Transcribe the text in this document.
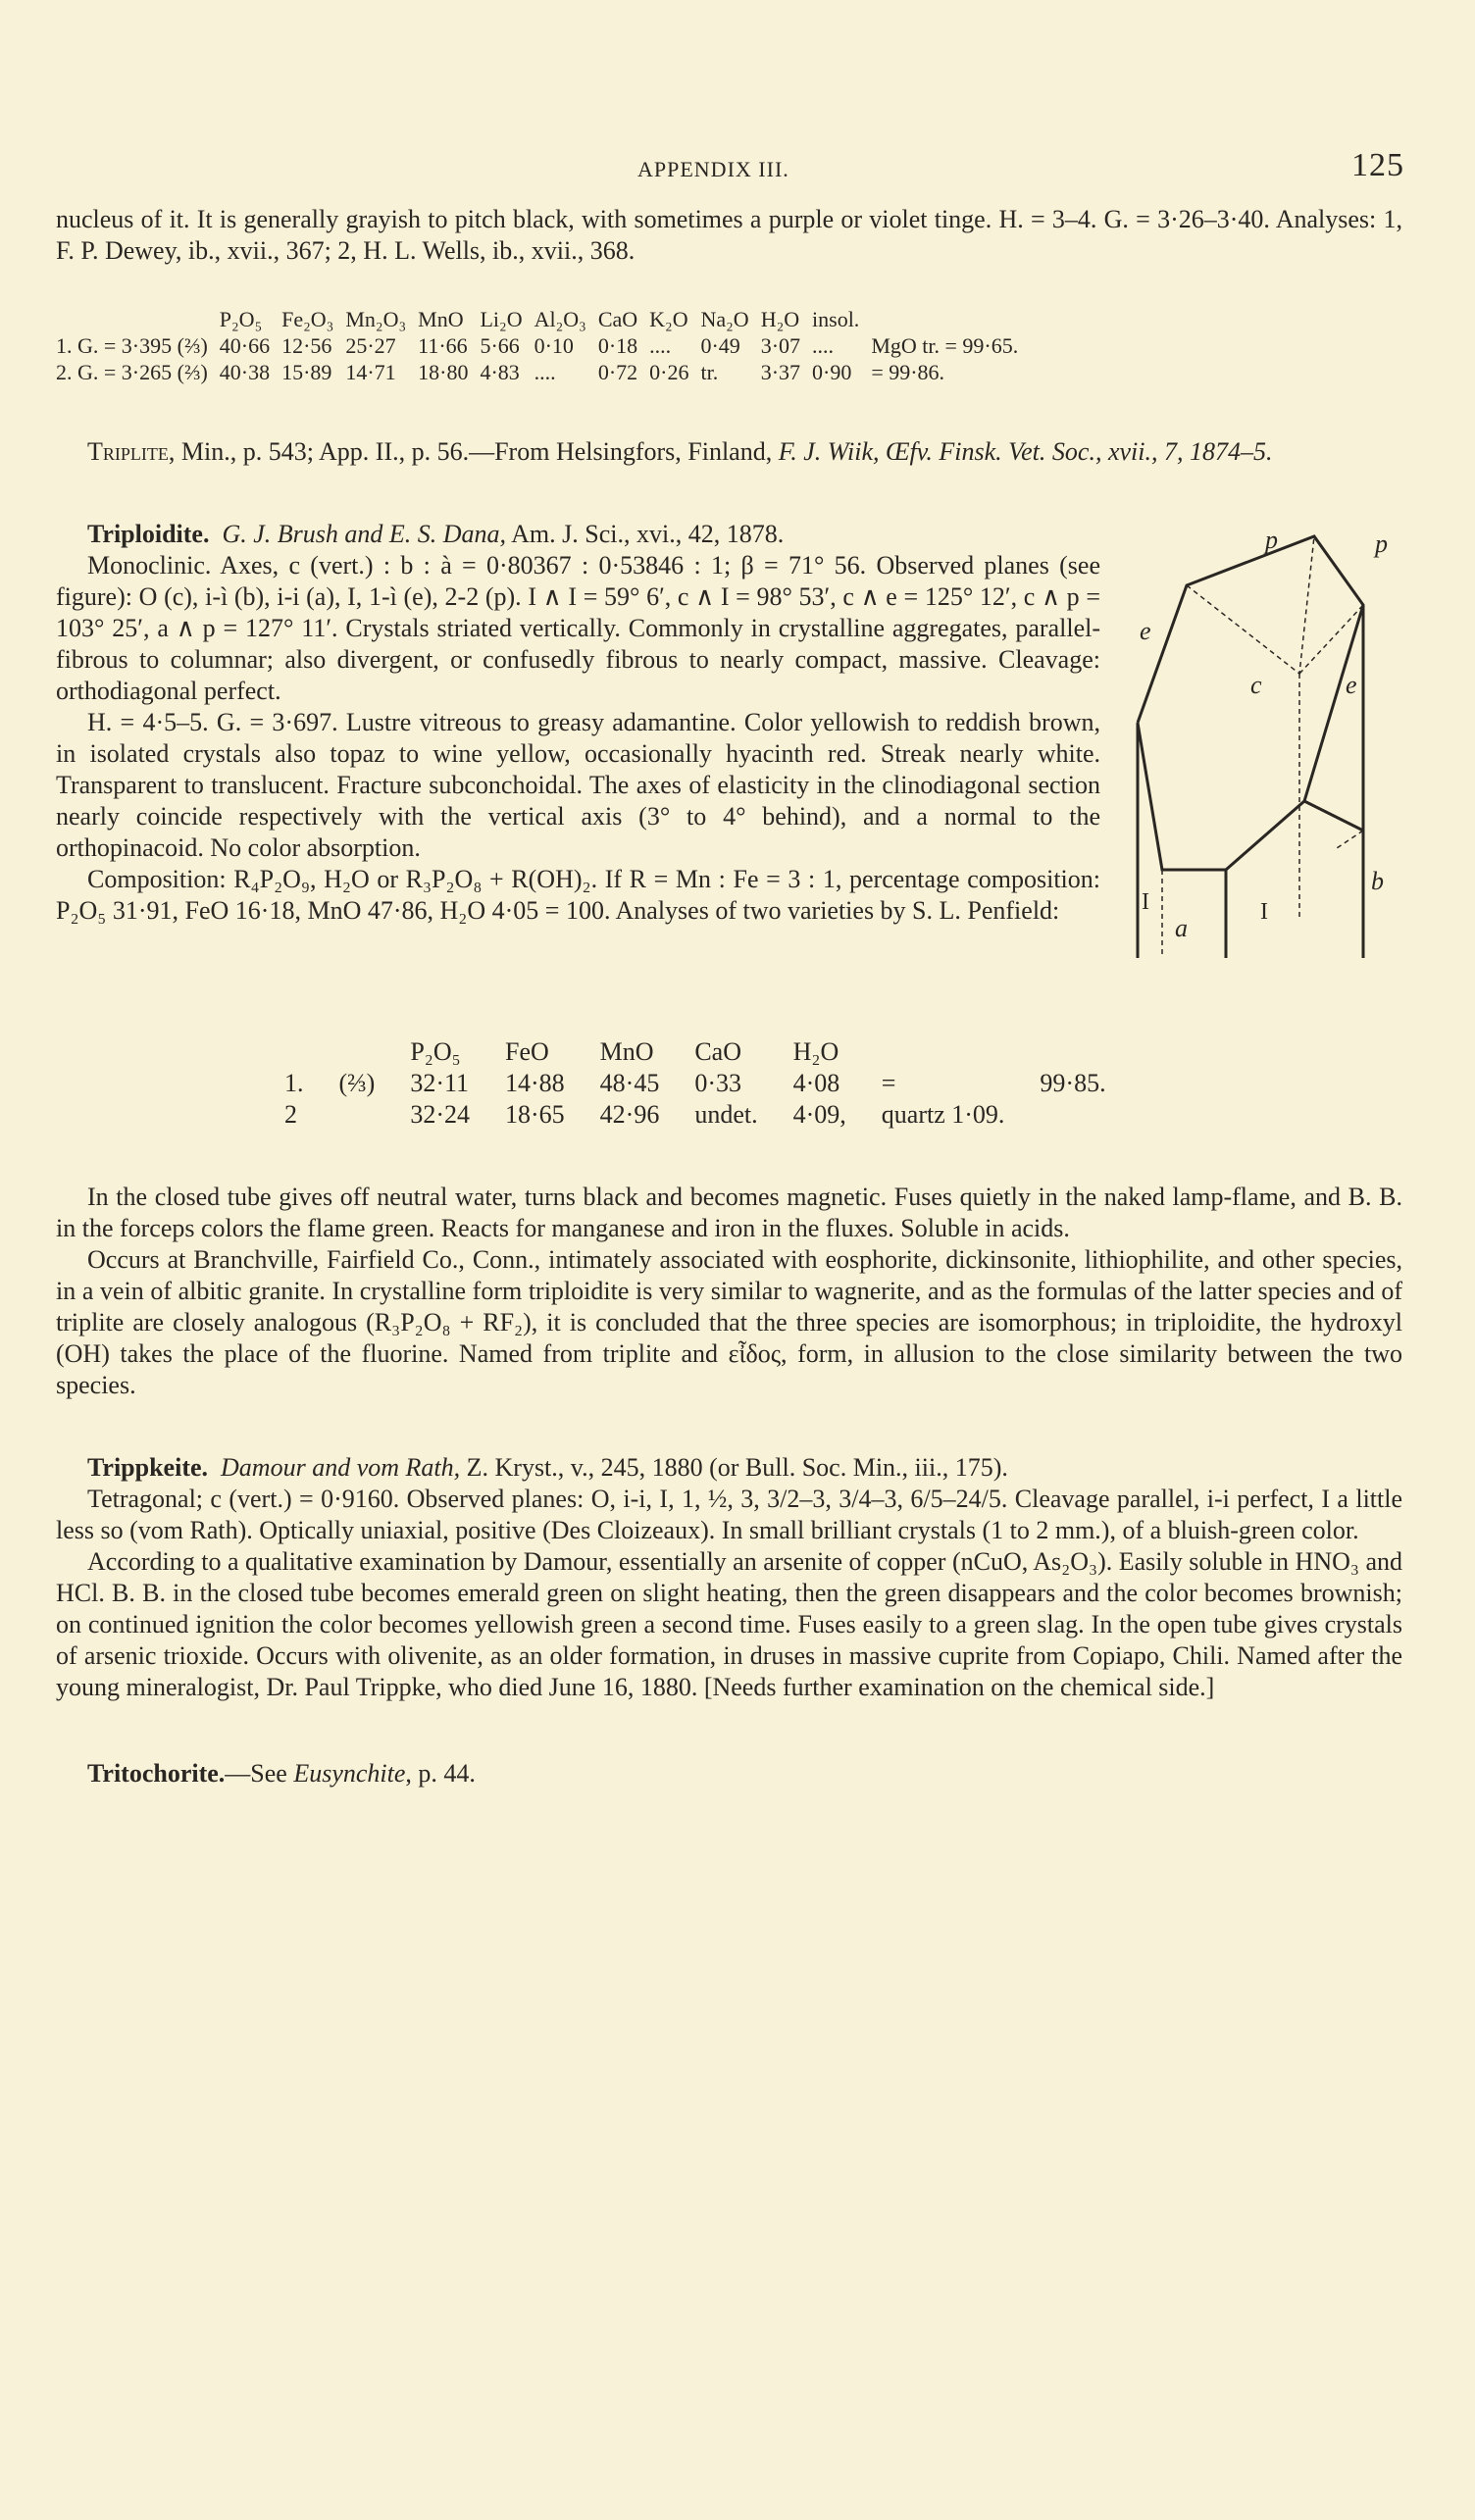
APPENDIX III.	125

nucleus of it. It is generally grayish to pitch black, with sometimes a purple or violet tinge. H. = 3–4. G. = 3·26–3·40. Analyses: 1, F. P. Dewey, ib., xvii., 367; 2, H. L. Wells, ib., xvii., 368.

	P₂O₅	Fe₂O₃	Mn₂O₃	MnO	Li₂O	Al₂O₃	CaO	K₂O	Na₂O	H₂O	insol.	
1. G. = 3·395 (⅔)	40·66	12·56	25·27	11·66	5·66	0·10	0·18	....	0·49	3·07	....	MgO tr. = 99·65.
2. G. = 3·265 (⅔)	40·38	15·89	14·71	18·80	4·83	....	0·72	0·26	tr.	3·37	0·90	= 99·86.

Triplite, Min., p. 543; App. II., p. 56.—From Helsingfors, Finland, F. J. Wiik, Œfv. Finsk. Vet. Soc., xvii., 7, 1874–5.

p	p
e
e
c
a
b
I	I

Triploidite. G. J. Brush and E. S. Dana, Am. J. Sci., xvi., 42, 1878.

Monoclinic. Axes, c (vert.) : b : à = 0·80367 : 0·53846 : 1; β = 71° 56. Observed planes (see figure): O (c), i-ì (b), i-i (a), I, 1-ì (e), 2-2 (p). I ∧ I = 59° 6′, c ∧ I = 98° 53′, c ∧ e = 125° 12′, c ∧ p = 103° 25′, a ∧ p = 127° 11′. Crystals striated vertically. Commonly in crystalline aggregates, parallel-fibrous to columnar; also divergent, or confusedly fibrous to nearly compact, massive. Cleavage: orthodiagonal perfect.

H. = 4·5–5. G. = 3·697. Lustre vitreous to greasy adamantine. Color yellowish to reddish brown, in isolated crystals also topaz to wine yellow, occasionally hyacinth red. Streak nearly white. Transparent to translucent. Fracture subconchoidal. The axes of elasticity in the clinodiagonal section nearly coincide respectively with the vertical axis (3° to 4° behind), and a normal to the orthopinacoid. No color absorption.

Composition: R₄P₂O₉, H₂O or R₃P₂O₈ + R(OH)₂. If R = Mn : Fe = 3 : 1, percentage composition: P₂O₅ 31·91, FeO 16·18, MnO 47·86, H₂O 4·05 = 100. Analyses of two varieties by S. L. Penfield:

		P₂O₅	FeO	MnO	CaO	H₂O		
1.	(⅔)	32·11	14·88	48·45	0·33	4·08	=	99·85.
2		32·24	18·65	42·96	undet.	4·09,	quartz 1·09.	

In the closed tube gives off neutral water, turns black and becomes magnetic. Fuses quietly in the naked lamp-flame, and B. B. in the forceps colors the flame green. Reacts for manganese and iron in the fluxes. Soluble in acids.

Occurs at Branchville, Fairfield Co., Conn., intimately associated with eosphorite, dickinsonite, lithiophilite, and other species, in a vein of albitic granite. In crystalline form triploidite is very similar to wagnerite, and as the formulas of the latter species and of triplite are closely analogous (R₃P₂O₈ + RF₂), it is concluded that the three species are isomorphous; in triploidite, the hydroxyl (OH) takes the place of the fluorine. Named from triplite and εἶδος, form, in allusion to the close similarity between the two species.

Trippkeite. Damour and vom Rath, Z. Kryst., v., 245, 1880 (or Bull. Soc. Min., iii., 175).

Tetragonal; c (vert.) = 0·9160. Observed planes: O, i-i, I, 1, ½, 3, 3/2–3, 3/4–3, 6/5–24/5. Cleavage parallel, i-i perfect, I a little less so (vom Rath). Optically uniaxial, positive (Des Cloizeaux). In small brilliant crystals (1 to 2 mm.), of a bluish-green color.

According to a qualitative examination by Damour, essentially an arsenite of copper (nCuO, As₂O₃). Easily soluble in HNO₃ and HCl. B. B. in the closed tube becomes emerald green on slight heating, then the green disappears and the color becomes brownish; on continued ignition the color becomes yellowish green a second time. Fuses easily to a green slag. In the open tube gives crystals of arsenic trioxide. Occurs with olivenite, as an older formation, in druses in massive cuprite from Copiapo, Chili. Named after the young mineralogist, Dr. Paul Trippke, who died June 16, 1880. [Needs further examination on the chemical side.]

Tritochorite.—See Eusynchite, p. 44.
